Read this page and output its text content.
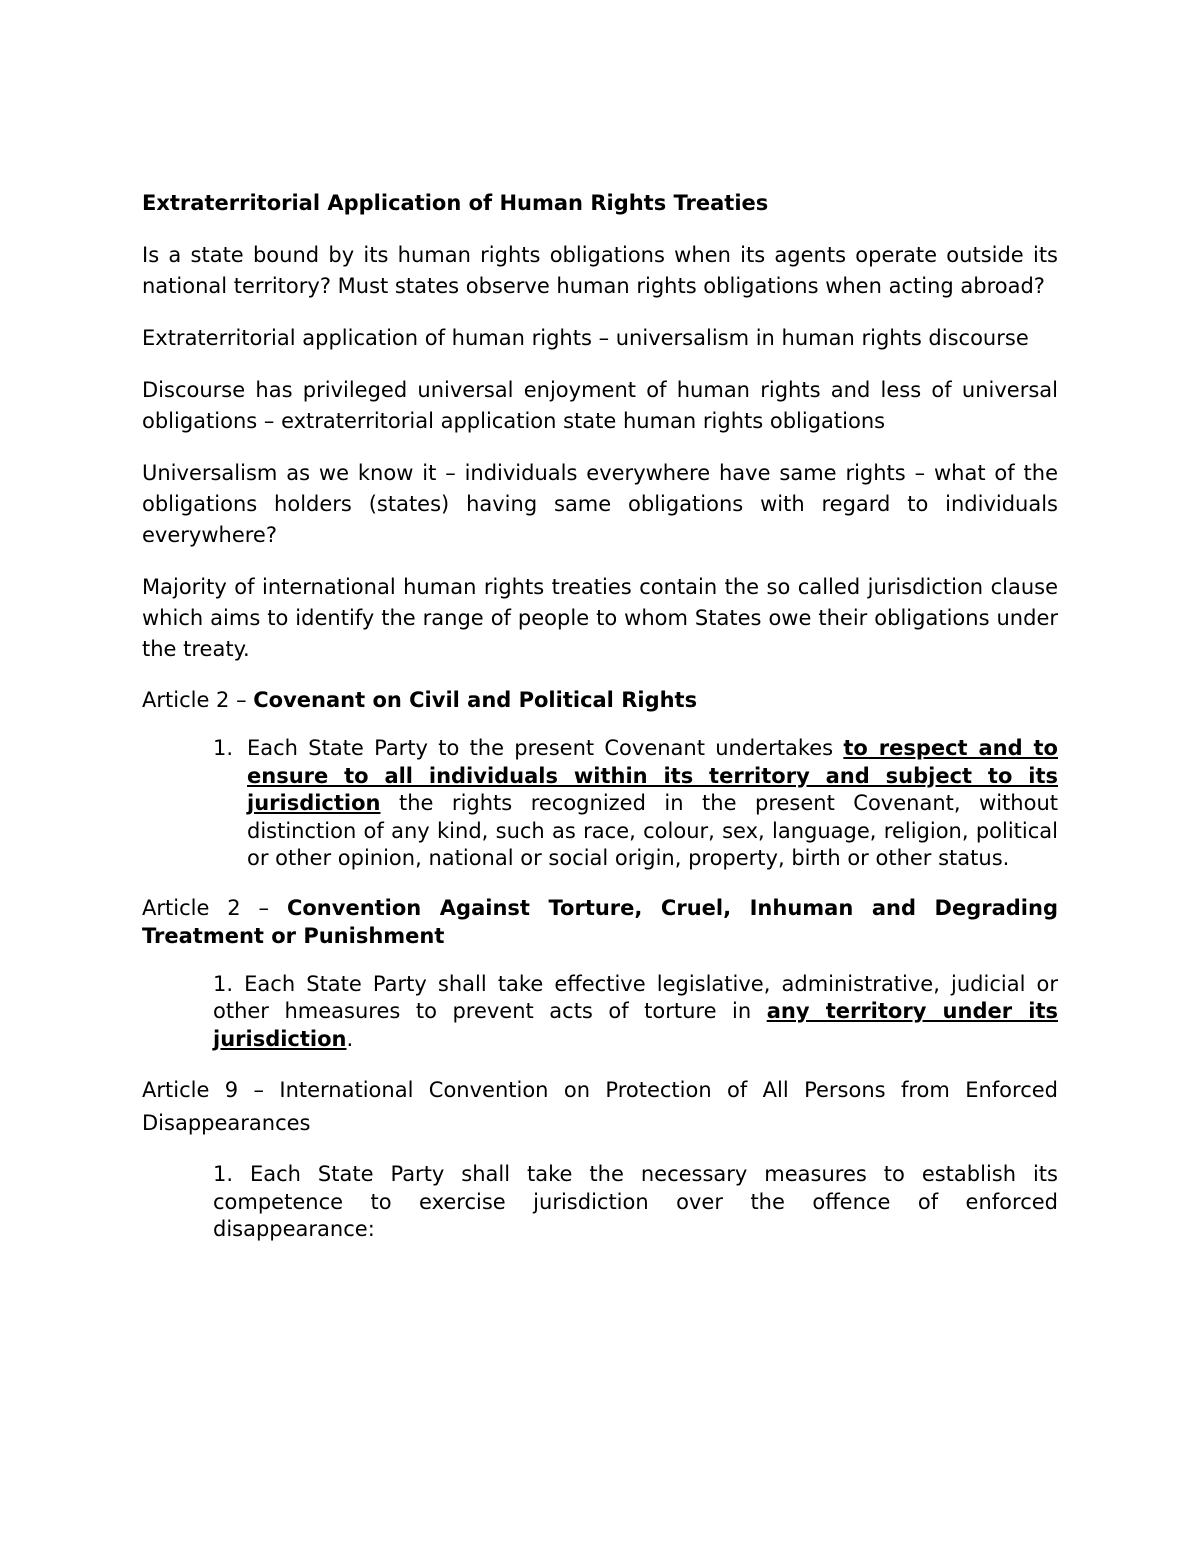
Extraterritorial Application of Human Rights Treaties

Is a state bound by its human rights obligations when its agents operate outside its national territory? Must states observe human rights obligations when acting abroad?

Extraterritorial application of human rights – universalism in human rights discourse

Discourse has privileged universal enjoyment of human rights and less of universal obligations – extraterritorial application state human rights obligations

Universalism as we know it – individuals everywhere have same rights – what of the obligations holders (states) having same obligations with regard to individuals everywhere?

Majority of international human rights treaties contain the so called jurisdiction clause which aims to identify the range of people to whom States owe their obligations under the treaty.

Article 2 – Covenant on Civil and Political Rights
1. Each State Party to the present Covenant undertakes to respect and to ensure to all individuals within its territory and subject to its jurisdiction the rights recognized in the present Covenant, without distinction of any kind, such as race, colour, sex, language, religion, political or other opinion, national or social origin, property, birth or other status.
Article 2 – Convention Against Torture, Cruel, Inhuman and Degrading Treatment or Punishment
1. Each State Party shall take effective legislative, administrative, judicial or other hmeasures to prevent acts of torture in any territory under its jurisdiction.

Article 9 – International Convention on Protection of All Persons from Enforced Disappearances

1. Each State Party shall take the necessary measures to establish its competence to exercise jurisdiction over the offence of enforced disappearance:
